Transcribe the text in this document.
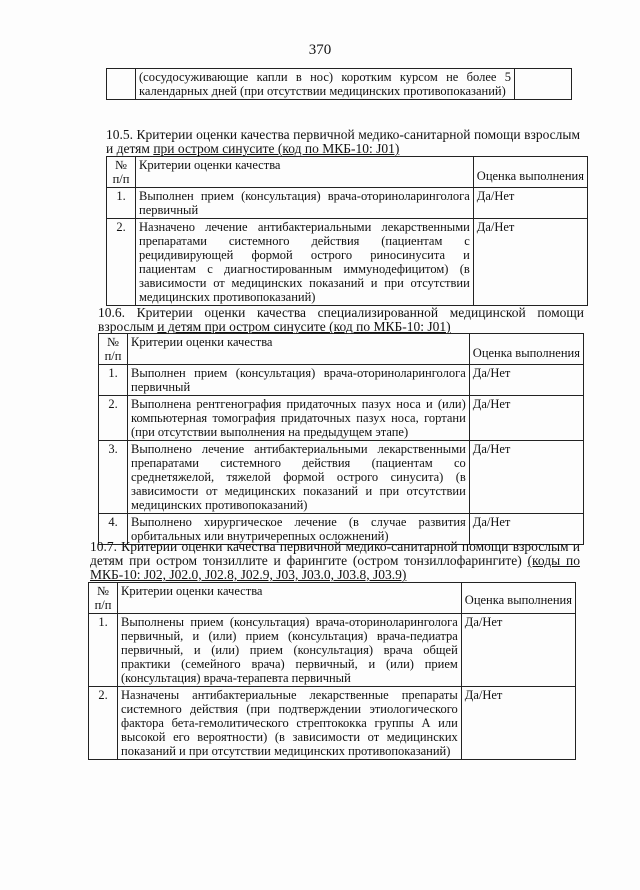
370
	(сосудосуживающие капли в нос) коротким курсом не более 5 календарных дней (при отсутствии медицинских противопоказаний)	
10.5. Критерии оценки качества первичной медико-санитарной помощи взрослым и детям при остром синусите (код по МКБ-10: J01)
№ п/п	Критерии оценки качества	Оценка выполнения
1.	Выполнен прием (консультация) врача-оториноларинголога первичный	Да/Нет
2.	Назначено лечение антибактериальными лекарственными препаратами системного действия (пациентам с рецидивирующей формой острого риносинусита и пациентам с диагностированным иммунодефицитом) (в зависимости от медицинских показаний и при отсутствии медицинских противопоказаний)	Да/Нет
10.6. Критерии оценки качества специализированной медицинской помощи взрослым и детям при остром синусите (код по МКБ-10: J01)
№ п/п	Критерии оценки качества	Оценка выполнения
1.	Выполнен прием (консультация) врача-оториноларинголога первичный	Да/Нет
2.	Выполнена рентгенография придаточных пазух носа и (или) компьютерная томография придаточных пазух носа, гортани (при отсутствии выполнения на предыдущем этапе)	Да/Нет
3.	Выполнено лечение антибактериальными лекарственными препаратами системного действия (пациентам со среднетяжелой, тяжелой формой острого синусита) (в зависимости от медицинских показаний и при отсутствии медицинских противопоказаний)	Да/Нет
4.	Выполнено хирургическое лечение (в случае развития орбитальных или внутричерепных осложнений)	Да/Нет
10.7. Критерии оценки качества первичной медико-санитарной помощи взрослым и детям при остром тонзиллите и фарингите (остром тонзиллофарингите) (коды по МКБ-10: J02, J02.0, J02.8, J02.9, J03, J03.0, J03.8, J03.9)
№ п/п	Критерии оценки качества	Оценка выполнения
1.	Выполнены прием (консультация) врача-оториноларинголога первичный, и (или) прием (консультация) врача-педиатра первичный, и (или) прием (консультация) врача общей практики (семейного врача) первичный, и (или) прием (консультация) врача-терапевта первичный	Да/Нет
2.	Назначены антибактериальные лекарственные препараты системного действия (при подтверждении этиологического фактора бета-гемолитического стрептококка группы А или высокой его вероятности) (в зависимости от медицинских показаний и при отсутствии медицинских противопоказаний)	Да/Нет
